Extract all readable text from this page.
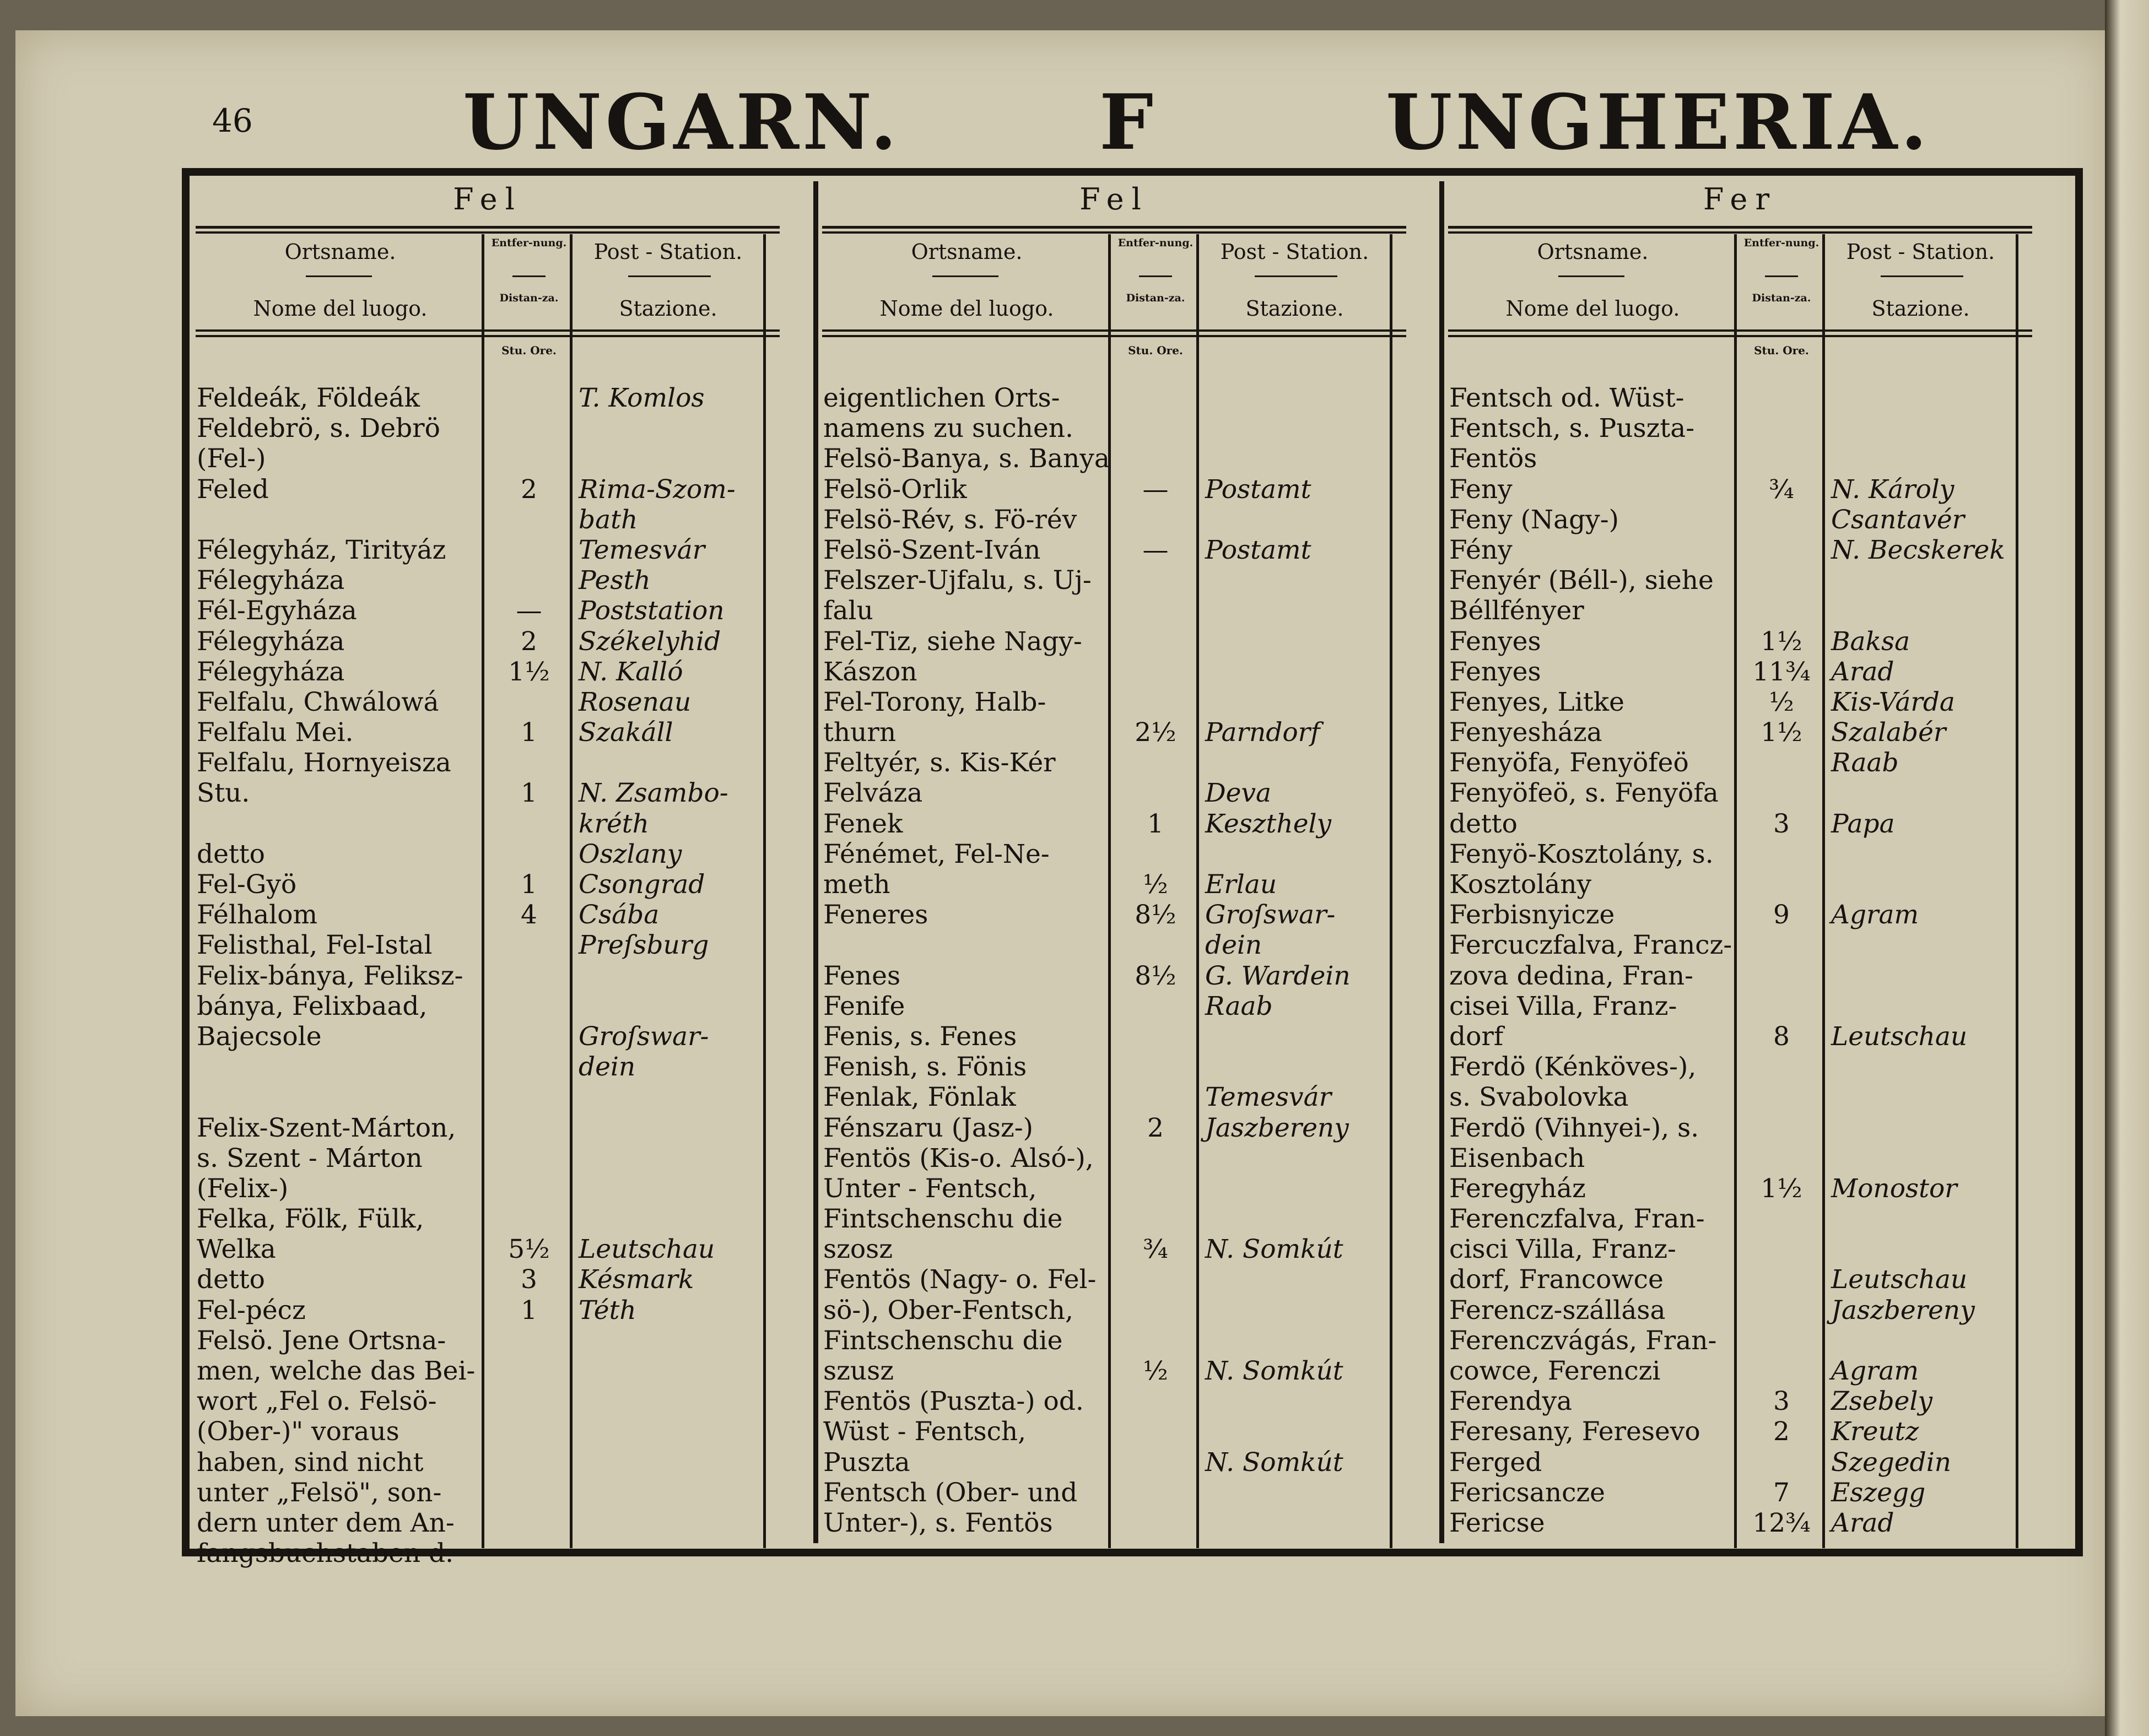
46	UNGARN.	F	UNGHERIA.
Fel
Ortsname.
Nome del luogo.
Entfer-nung.
Distan-za.
Post - Station.
Stazione.
Stu. Ore.
Feldeák, Földeák	T. Komlos
Feldebrö, s. Debrö
(Fel-)
Feled	2	Rima-Szom-
bath
Félegyház, Tirityáz	Temesvár
Félegyháza	Pesth
Fél-Egyháza	—	Poststation
Félegyháza	2	Székelyhid
Félegyháza	1½	N. Kalló
Felfalu, Chwálowá	Rosenau
Felfalu Mei.	1	Szakáll
Felfalu, Hornyeisza
Stu.	1	N. Zsambo-
kréth
detto	Oszlany
Fel-Gyö	1	Csongrad
Félhalom	4	Csába
Felisthal, Fel-Istal	Preſsburg
Felix-bánya, Feliksz-
bánya, Felixbaad,
Bajecsole	Groſswar-
dein
Felix-Szent-Márton,
s. Szent - Márton
(Felix-)
Felka, Fölk, Fülk,
Welka	5½	Leutschau
detto	3	Késmark
Fel-pécz	1	Téth
Felsö. Jene Ortsna-
men, welche das Bei-
wort „Fel o. Felsö-
(Ober-)" voraus
haben, sind nicht
unter „Felsö", son-
dern unter dem An-
fangsbuchstaben d.
Fel
Ortsname.
Nome del luogo.
Entfer-nung.
Distan-za.
Post - Station.
Stazione.
Stu. Ore.
eigentlichen Orts-
namens zu suchen.
Felsö-Banya, s. Banya
Felsö-Orlik	—	Postamt
Felsö-Rév, s. Fö-rév
Felsö-Szent-Iván	—	Postamt
Felszer-Ujfalu, s. Uj-
falu
Fel-Tiz, siehe Nagy-
Kászon
Fel-Torony, Halb-
thurn	2½	Parndorf
Feltyér, s. Kis-Kér
Felváza	Deva
Fenek	1	Keszthely
Fénémet, Fel-Ne-
meth	½	Erlau
Feneres	8½	Groſswar-
dein
Fenes	8½	G. Wardein
Fenife	Raab
Fenis, s. Fenes
Fenish, s. Fönis
Fenlak, Fönlak	Temesvár
Fénszaru (Jasz-)	2	Jaszbereny
Fentös (Kis-o. Alsó-),
Unter - Fentsch,
Fintschenschu die
szosz	¾	N. Somkút
Fentös (Nagy- o. Fel-
sö-), Ober-Fentsch,
Fintschenschu die
szusz	½	N. Somkút
Fentös (Puszta-) od.
Wüst - Fentsch,
Puszta	N. Somkút
Fentsch (Ober- und
Unter-), s. Fentös
Fer
Ortsname.
Nome del luogo.
Entfer-nung.
Distan-za.
Post - Station.
Stazione.
Stu. Ore.
Fentsch od. Wüst-
Fentsch, s. Puszta-
Fentös
Feny	¾	N. Károly
Feny (Nagy-)	Csantavér
Fény	N. Becskerek
Fenyér (Béll-), siehe
Béllfényer
Fenyes	1½	Baksa
Fenyes	11¾ Arad
Fenyes, Litke	½	Kis-Várda
Fenyesháza	1½	Szalabér
Fenyöfa, Fenyöfeö	Raab
Fenyöfeö, s. Fenyöfa
detto	3	Papa
Fenyö-Kosztolány, s.
Kosztolány
Ferbisnyicze	9	Agram
Fercuczfalva, Francz-
zova dedina, Fran-
cisei Villa, Franz-
dorf	8	Leutschau
Ferdö (Kénköves-),
s. Svabolovka
Ferdö (Vihnyei-), s.
Eisenbach
Feregyház	1½	Monostor
Ferenczfalva, Fran-
cisci Villa, Franz-
dorf, Francowce	Leutschau
Ferencz-szállása	Jaszbereny
Ferenczvágás, Fran-
cowce, Ferenczi	Agram
Ferendya	3	Zsebely
Feresany, Feresevo	2	Kreutz
Ferged	Szegedin
Fericsancze	7	Eszegg
Fericse	12¾ Arad
